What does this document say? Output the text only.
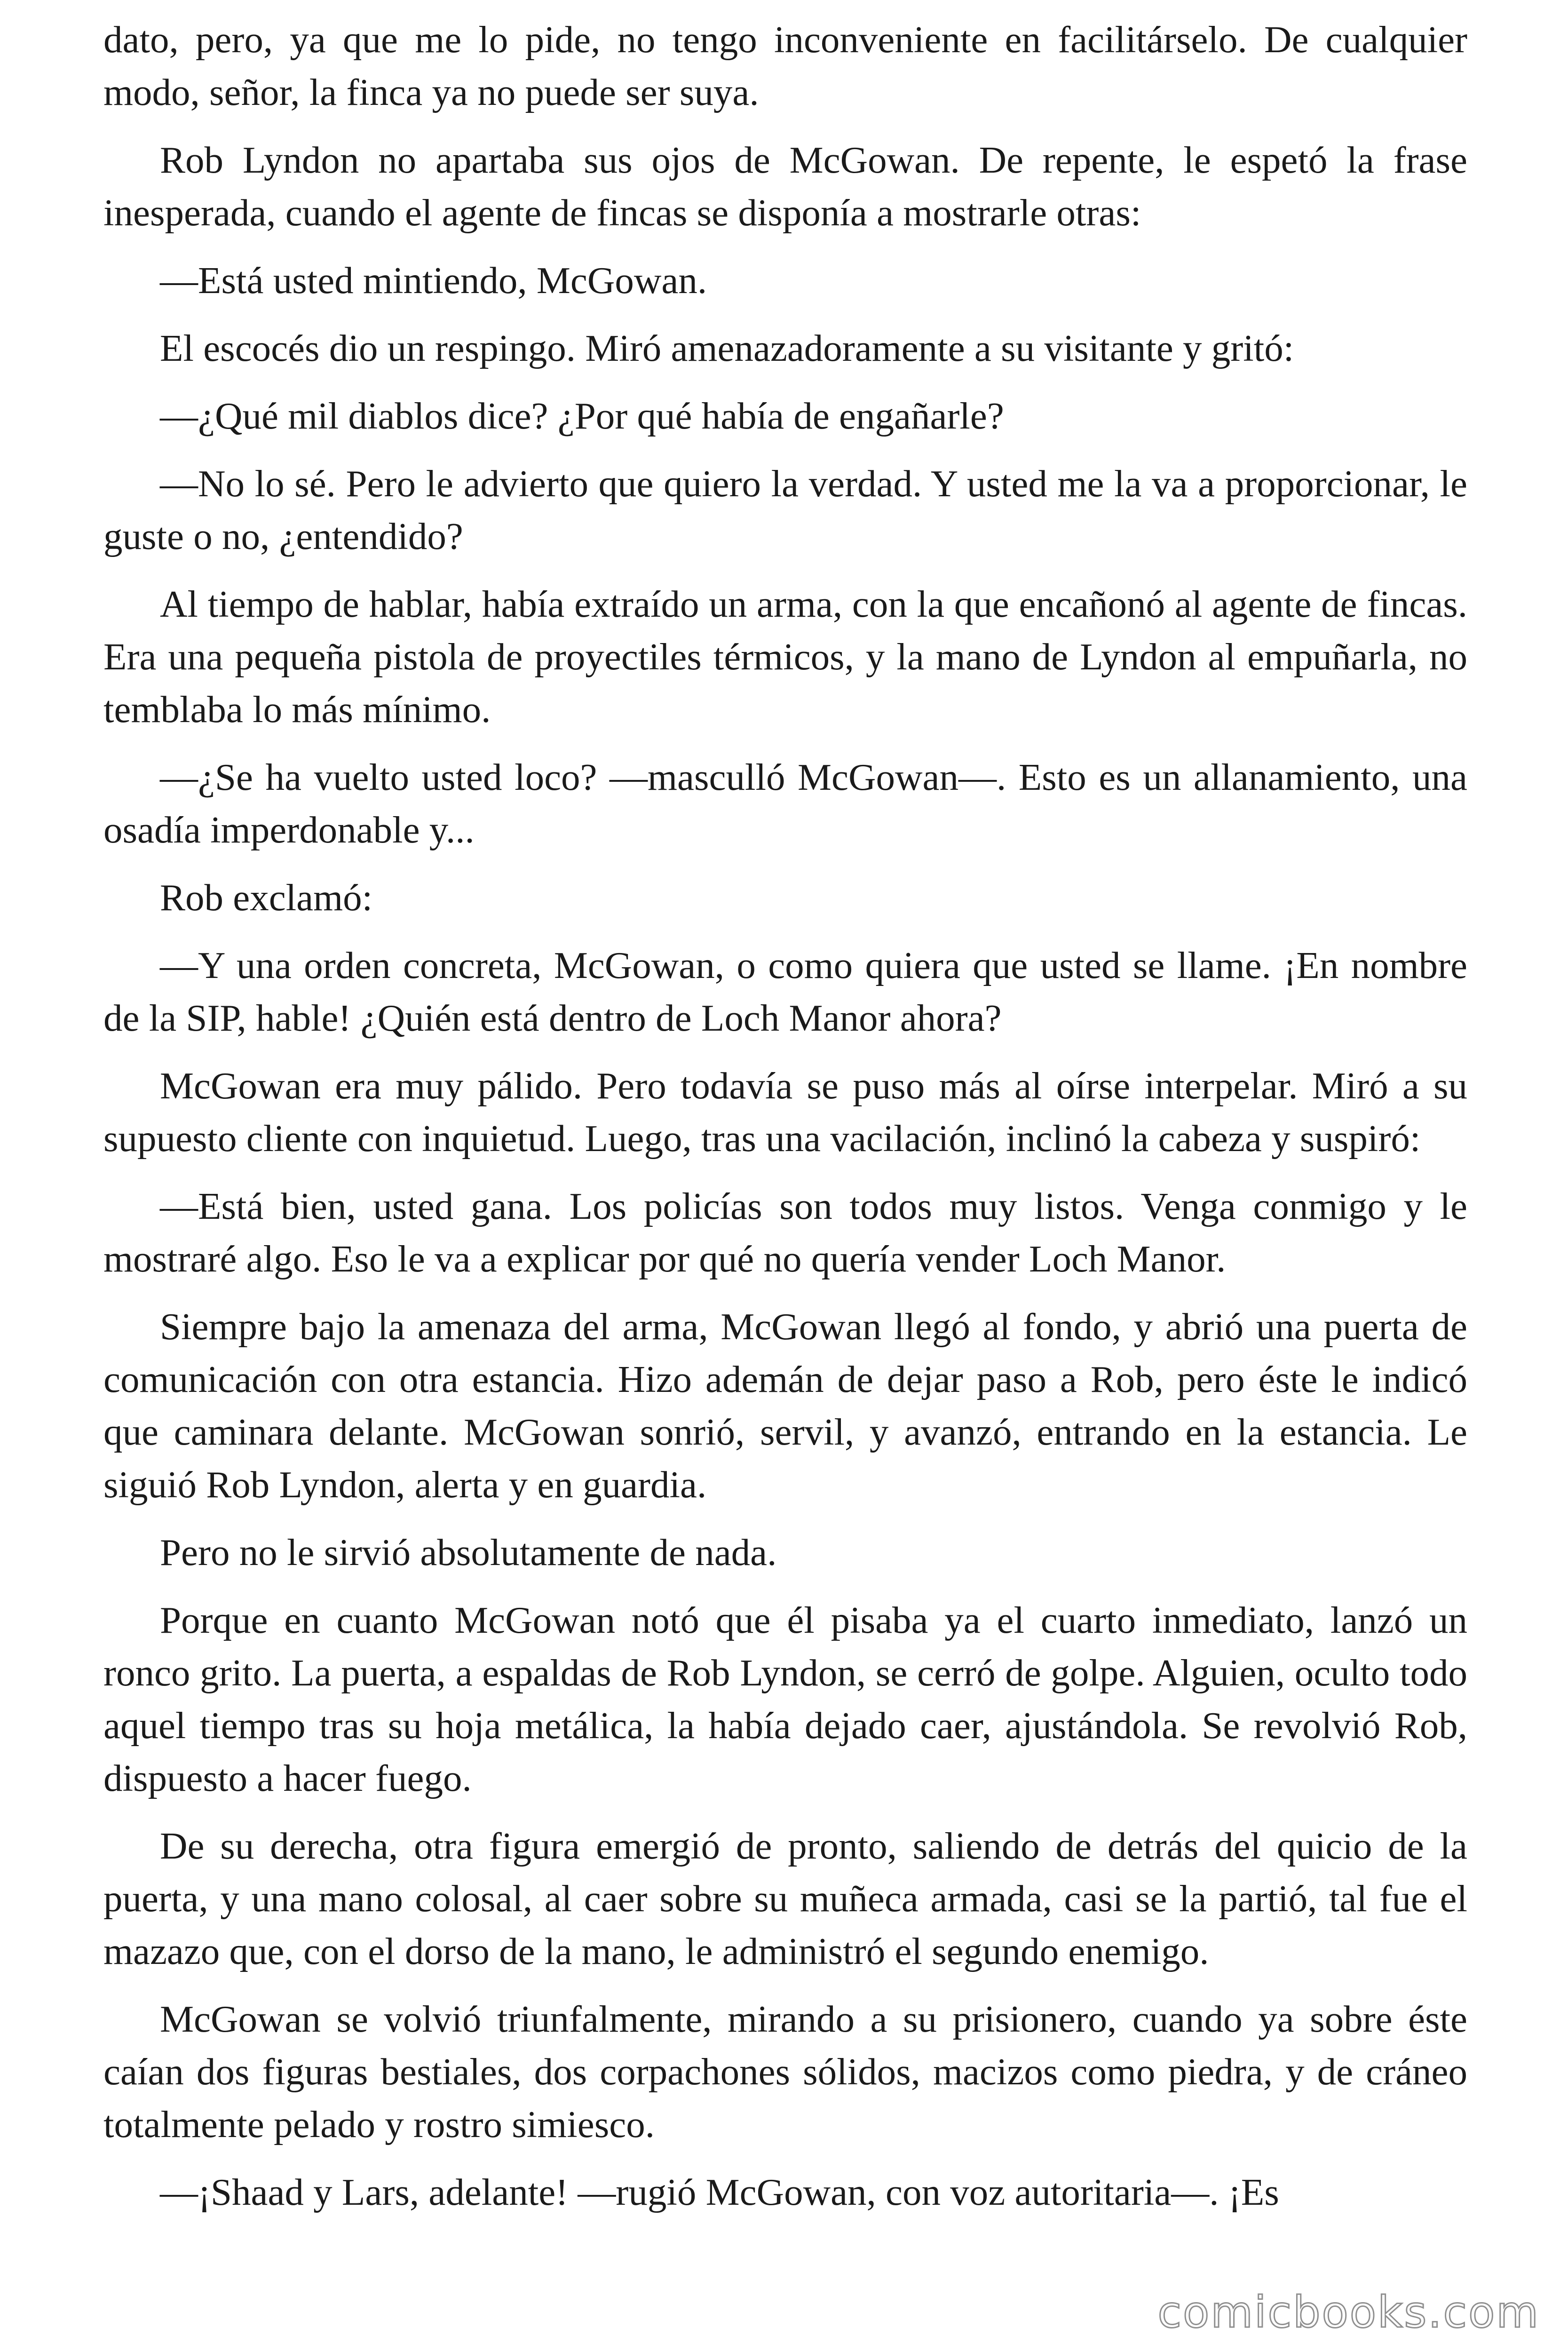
dato, pero, ya que me lo pide, no tengo inconveniente en facilitárselo. De cualquier modo, señor, la finca ya no puede ser suya.

Rob Lyndon no apartaba sus ojos de McGowan. De repente, le espetó la frase inesperada, cuando el agente de fincas se disponía a mostrarle otras:

—Está usted mintiendo, McGowan.

El escocés dio un respingo. Miró amenazadoramente a su visitante y gritó:

—¿Qué mil diablos dice? ¿Por qué había de engañarle?

—No lo sé. Pero le advierto que quiero la verdad. Y usted me la va a proporcionar, le guste o no, ¿entendido?

Al tiempo de hablar, había extraído un arma, con la que encañonó al agente de fincas. Era una pequeña pistola de proyectiles térmicos, y la mano de Lyndon al empuñarla, no temblaba lo más mínimo.

—¿Se ha vuelto usted loco? —masculló McGowan—. Esto es un allanamiento, una osadía imperdonable y...

Rob exclamó:

—Y una orden concreta, McGowan, o como quiera que usted se llame. ¡En nombre de la SIP, hable! ¿Quién está dentro de Loch Manor ahora?

McGowan era muy pálido. Pero todavía se puso más al oírse interpelar. Miró a su supuesto cliente con inquietud. Luego, tras una vacilación, inclinó la cabeza y suspiró:

—Está bien, usted gana. Los policías son todos muy listos. Venga conmigo y le mostraré algo. Eso le va a explicar por qué no quería vender Loch Manor.

Siempre bajo la amenaza del arma, McGowan llegó al fondo, y abrió una puerta de comunicación con otra estancia. Hizo ademán de dejar paso a Rob, pero éste le indicó que caminara delante. McGowan sonrió, servil, y avanzó, entrando en la estancia. Le siguió Rob Lyndon, alerta y en guardia.

Pero no le sirvió absolutamente de nada.

Porque en cuanto McGowan notó que él pisaba ya el cuarto inmediato, lanzó un ronco grito. La puerta, a espaldas de Rob Lyndon, se cerró de golpe. Alguien, oculto todo aquel tiempo tras su hoja metálica, la había dejado caer, ajustándola. Se revolvió Rob, dispuesto a hacer fuego.

De su derecha, otra figura emergió de pronto, saliendo de detrás del quicio de la puerta, y una mano colosal, al caer sobre su muñeca armada, casi se la partió, tal fue el mazazo que, con el dorso de la mano, le administró el segundo enemigo.

McGowan se volvió triunfalmente, mirando a su prisionero, cuando ya sobre éste caían dos figuras bestiales, dos corpachones sólidos, macizos como piedra, y de cráneo totalmente pelado y rostro simiesco.

—¡Shaad y Lars, adelante! —rugió McGowan, con voz autoritaria—. ¡Es

comicbooks.com
